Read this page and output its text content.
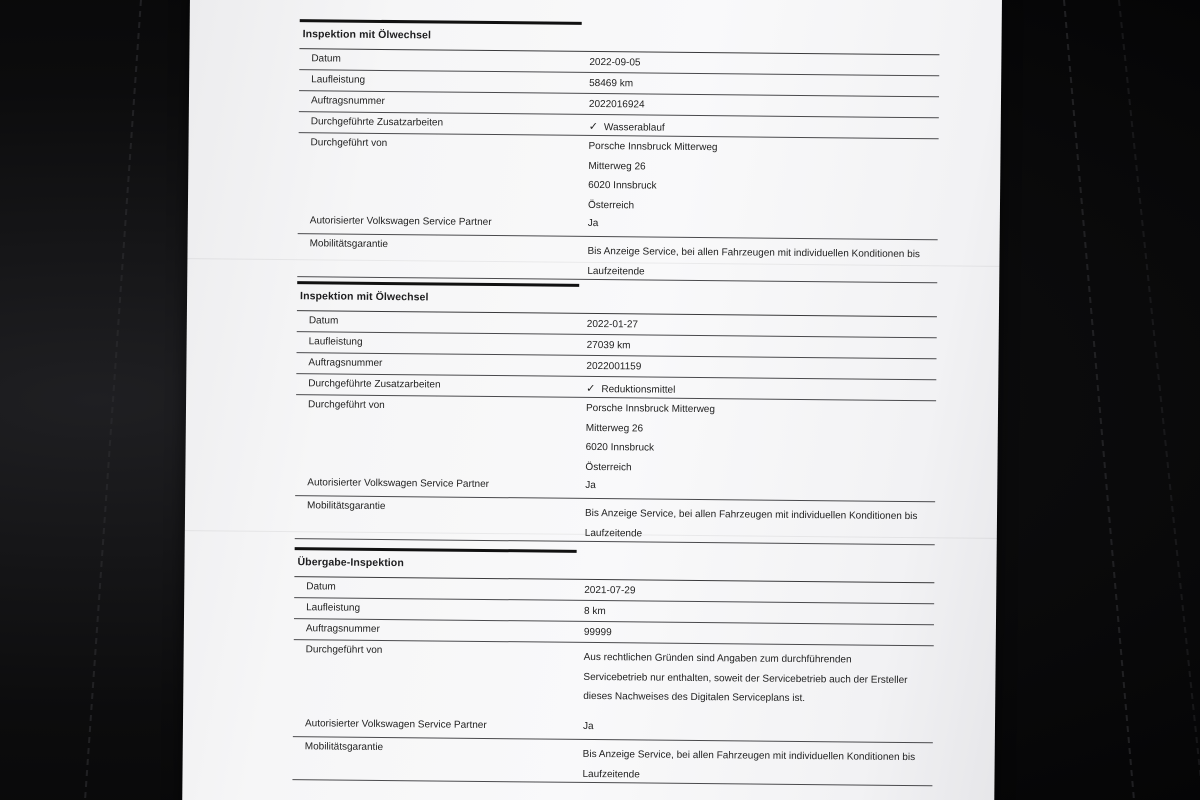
Inspektion mit Ölwechsel
Datum	2022-09-05
Laufleistung	58469 km
Auftragsnummer	2022016924
Durchgeführte Zusatzarbeiten	✓ Wasserablauf
Durchgeführt von	Porsche Innsbruck Mitterweg
Mitterweg 26
6020 Innsbruck
Österreich
Autorisierter Volkswagen Service Partner	Ja
Mobilitätsgarantie
Bis Anzeige Service, bei allen Fahrzeugen mit individuellen Konditionen bis
Laufzeitende
Inspektion mit Ölwechsel
Datum	2022-01-27
Laufleistung	27039 km
Auftragsnummer	2022001159
Durchgeführte Zusatzarbeiten	✓ Reduktionsmittel
Durchgeführt von	Porsche Innsbruck Mitterweg
Mitterweg 26
6020 Innsbruck
Österreich
Autorisierter Volkswagen Service Partner	Ja
Mobilitätsgarantie
Bis Anzeige Service, bei allen Fahrzeugen mit individuellen Konditionen bis
Laufzeitende
Übergabe-Inspektion
Datum	2021-07-29
Laufleistung	8 km
Auftragsnummer	99999
Durchgeführt von
Aus rechtlichen Gründen sind Angaben zum durchführenden
Servicebetrieb nur enthalten, soweit der Servicebetrieb auch der Ersteller
dieses Nachweises des Digitalen Serviceplans ist.
Autorisierter Volkswagen Service Partner	Ja
Mobilitätsgarantie
Bis Anzeige Service, bei allen Fahrzeugen mit individuellen Konditionen bis
Laufzeitende
